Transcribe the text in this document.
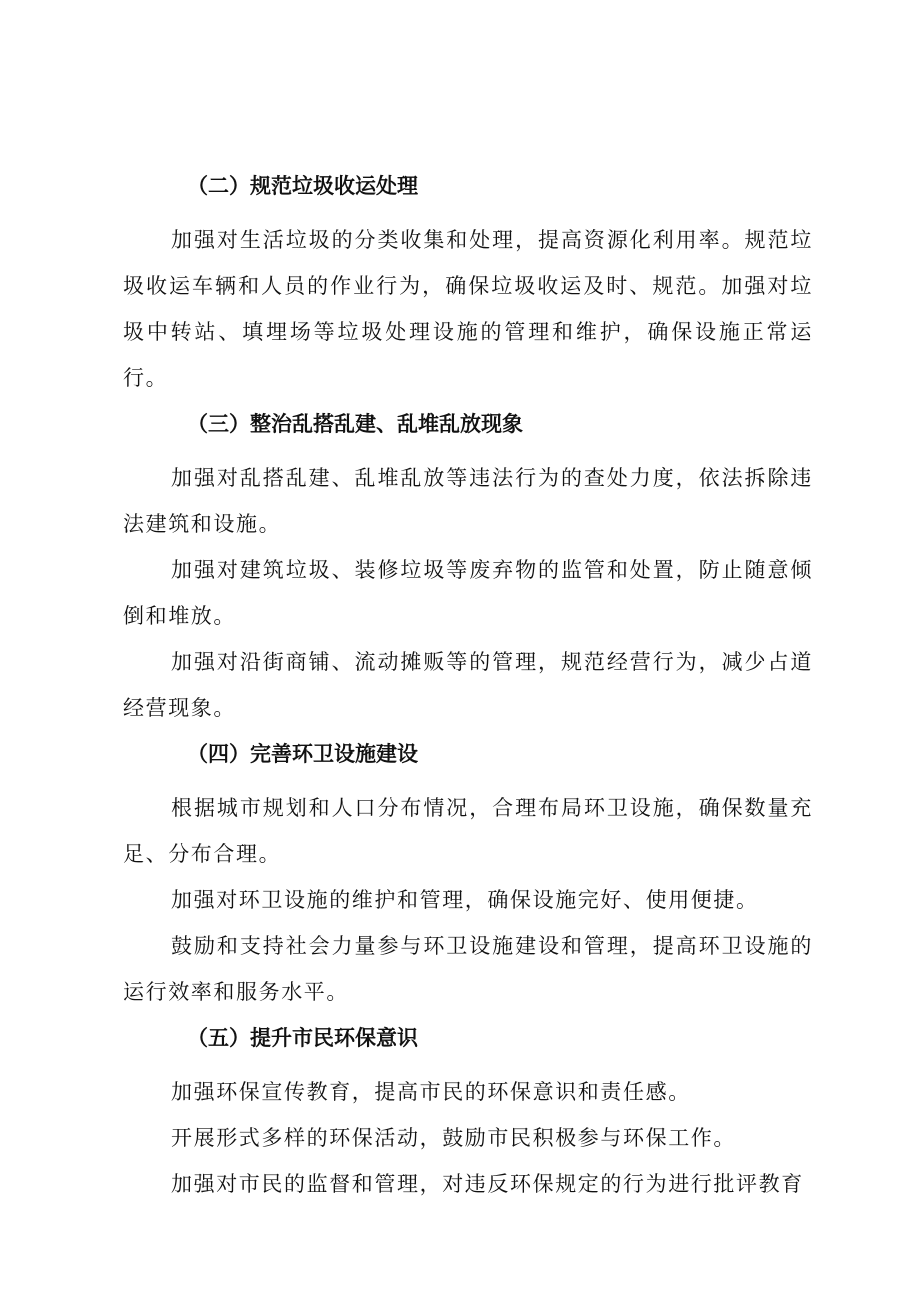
（二）规范垃圾收运处理

加强对生活垃圾的分类收集和处理，提高资源化利用率。规范垃圾收运车辆和人员的作业行为，确保垃圾收运及时、规范。加强对垃圾中转站、填埋场等垃圾处理设施的管理和维护，确保设施正常运行。

（三）整治乱搭乱建、乱堆乱放现象

加强对乱搭乱建、乱堆乱放等违法行为的查处力度，依法拆除违法建筑和设施。

加强对建筑垃圾、装修垃圾等废弃物的监管和处置，防止随意倾倒和堆放。

加强对沿街商铺、流动摊贩等的管理，规范经营行为，减少占道经营现象。

（四）完善环卫设施建设

根据城市规划和人口分布情况，合理布局环卫设施，确保数量充足、分布合理。

加强对环卫设施的维护和管理，确保设施完好、使用便捷。

鼓励和支持社会力量参与环卫设施建设和管理，提高环卫设施的运行效率和服务水平。

（五）提升市民环保意识

加强环保宣传教育，提高市民的环保意识和责任感。

开展形式多样的环保活动，鼓励市民积极参与环保工作。

加强对市民的监督和管理，对违反环保规定的行为进行批评教育
